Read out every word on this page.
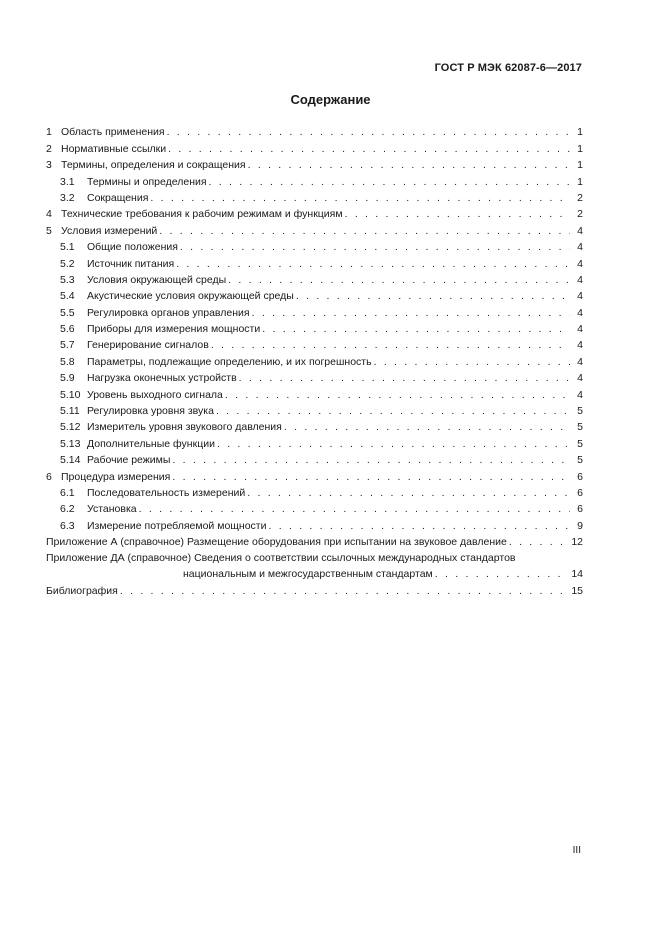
ГОСТ Р МЭК 62087-6—2017
Содержание
1 Область применения . . .	1
2 Нормативные ссылки . . .	1
3 Термины, определения и сокращения . . .	1
3.1	Термины и определения . . .	1
3.2	Сокращения . . .	2
4 Технические требования к рабочим режимам и функциям . . .	2
5 Условия измерений . . .	4
5.1	Общие положения . . .	4
5.2	Источник питания . . .	4
5.3	Условия окружающей среды . . .	4
5.4	Акустические условия окружающей среды . . .	4
5.5	Регулировка органов управления . . .	4
5.6	Приборы для измерения мощности . . .	4
5.7	Генерирование сигналов . . .	4
5.8	Параметры, подлежащие определению, и их погрешность . . .	4
5.9	Нагрузка оконечных устройств . . .	4
5.10 Уровень выходного сигнала . . .	4
5.11 Регулировка уровня звука . . .	5
5.12 Измеритель уровня звукового давления . . .	5
5.13 Дополнительные функции . . .	5
5.14 Рабочие режимы . . .	5
6 Процедура измерения . . .	6
6.1	Последовательность измерений . . .	6
6.2	Установка . . .	6
6.3	Измерение потребляемой мощности . . .	9
Приложение А (справочное) Размещение оборудования при испытании на звуковое давление . . .	12
Приложение ДА (справочное) Сведения о соответствии ссылочных международных стандартов
национальным и межгосударственным стандартам . . .	14
Библиография . . .	15
III
